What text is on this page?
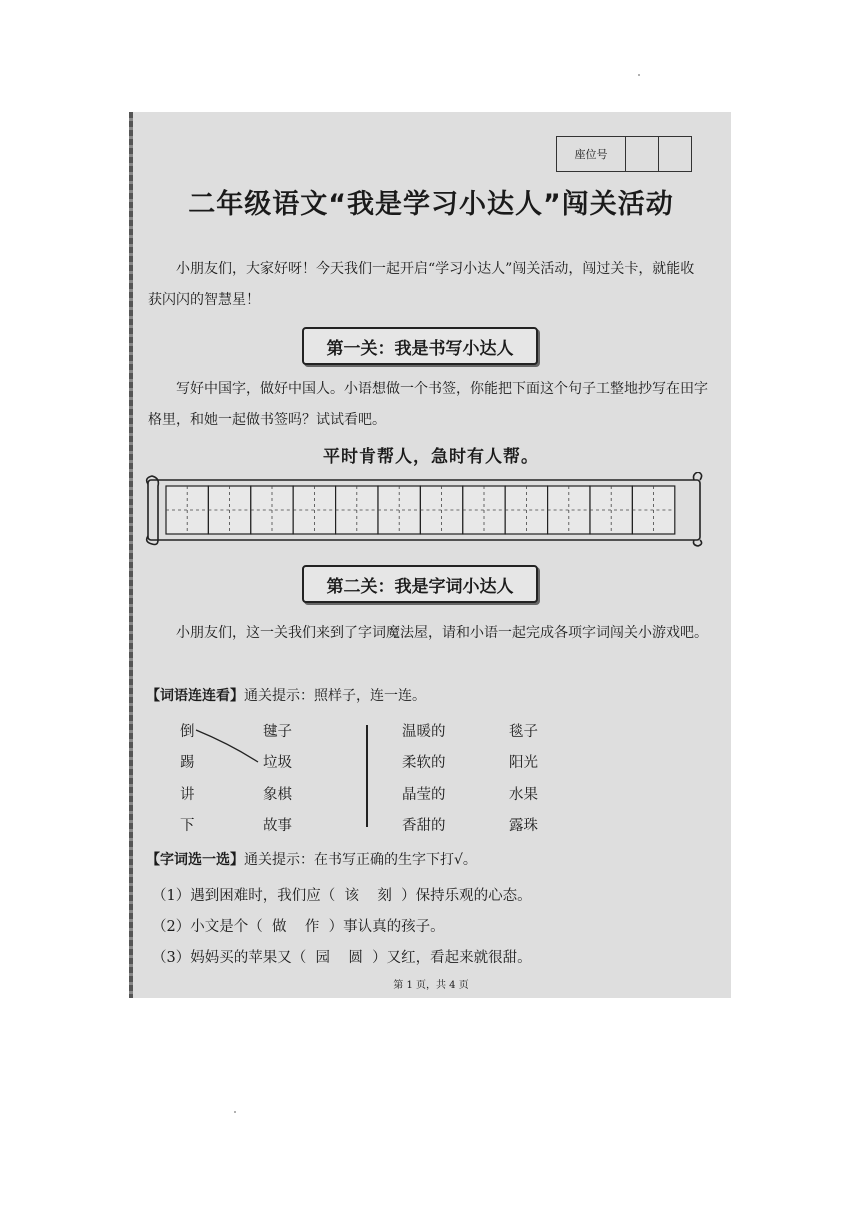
座位号
二年级语文“我是学习小达人”闯关活动
小朋友们，大家好呀！今天我们一起开启“学习小达人”闯关活动，闯过关卡，就能收获闪闪的智慧星！
第一关：我是书写小达人
写好中国字，做好中国人。小语想做一个书签，你能把下面这个句子工整地抄写在田字格里，和她一起做书签吗？试试看吧。
平时肯帮人，急时有人帮。
第二关：我是字词小达人
小朋友们，这一关我们来到了字词魔法屋，请和小语一起完成各项字词闯关小游戏吧。
【词语连连看】通关提示：照样子，连一连。
倒
踢
讲
下
毽子
垃圾
象棋
故事
温暖的
柔软的
晶莹的
香甜的
毯子
阳光
水果
露珠
【字词选一选】通关提示：在书写正确的生字下打√。
（1）遇到困难时，我们应（  该    刻  ）保持乐观的心态。
（2）小文是个（  做    作  ）事认真的孩子。
（3）妈妈买的苹果又（  园    圆  ）又红，看起来就很甜。
第 1 页，共 4 页
